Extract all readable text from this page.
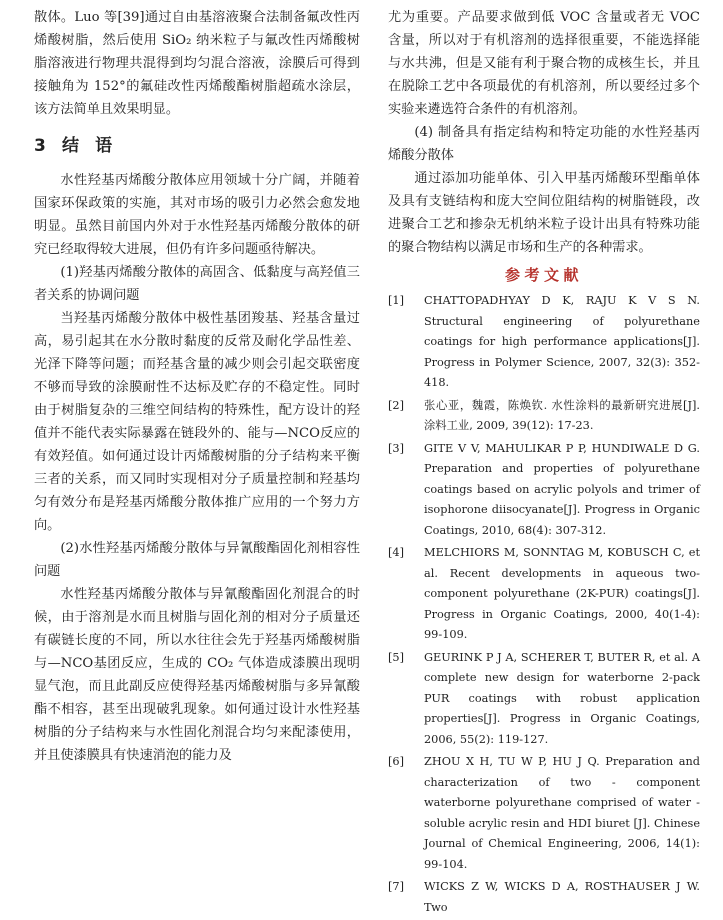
散体。Luo 等[39]通过自由基溶液聚合法制备氟改性丙烯酸树脂，然后使用 SiO₂ 纳米粒子与氟改性丙烯酸树脂溶液进行物理共混得到均匀混合溶液，涂膜后可得到接触角为 152°的氟硅改性丙烯酸酯树脂超疏水涂层，该方法简单且效果明显。

3 结 语

水性羟基丙烯酸分散体应用领域十分广阔，并随着国家环保政策的实施，其对市场的吸引力必然会愈发地明显。虽然目前国内外对于水性羟基丙烯酸分散体的研究已经取得较大进展，但仍有许多问题亟待解决。

(1)羟基丙烯酸分散体的高固含、低黏度与高羟值三者关系的协调问题

当羟基丙烯酸分散体中极性基团羧基、羟基含量过高，易引起其在水分散时黏度的反常及耐化学品性差、光泽下降等问题；而羟基含量的减少则会引起交联密度不够而导致的涂膜耐性不达标及贮存的不稳定性。同时由于树脂复杂的三维空间结构的特殊性，配方设计的羟值并不能代表实际暴露在链段外的、能与—NCO反应的有效羟值。如何通过设计丙烯酸树脂的分子结构来平衡三者的关系，而又同时实现相对分子质量控制和羟基均匀有效分布是羟基丙烯酸分散体推广应用的一个努力方向。

(2)水性羟基丙烯酸分散体与异氰酸酯固化剂相容性问题

水性羟基丙烯酸分散体与异氰酸酯固化剂混合的时候，由于溶剂是水而且树脂与固化剂的相对分子质量还有碳链长度的不同，所以水往往会先于羟基丙烯酸树脂与—NCO基团反应，生成的 CO₂ 气体造成漆膜出现明显气泡，而且此副反应使得羟基丙烯酸树脂与多异氰酸酯不相容，甚至出现破乳现象。如何通过设计水性羟基树脂的分子结构来与水性固化剂混合均匀来配漆使用，并且使漆膜具有快速消泡的能力及

尤为重要。产品要求做到低 VOC 含量或者无 VOC 含量，所以对于有机溶剂的选择很重要，不能选择能与水共沸，但是又能有利于聚合物的成核生长，并且在脱除工艺中各项最优的有机溶剂，所以要经过多个实验来遴选符合条件的有机溶剂。

(4) 制备具有指定结构和特定功能的水性羟基丙烯酸分散体

通过添加功能单体、引入甲基丙烯酸环型酯单体及具有支链结构和庞大空间位阻结构的树脂链段，改进聚合工艺和掺杂无机纳米粒子设计出具有特殊功能的聚合物结构以满足市场和生产的各种需求。

参考文献
[1] CHATTOPADHYAY D K, RAJU K V S N. Structural engineering of polyurethane coatings for high performance applications[J]. Progress in Polymer Science, 2007, 32(3): 352-418.
[2] 张心亚，魏霞，陈焕钦. 水性涂料的最新研究进展[J]. 涂料工业, 2009, 39(12): 17-23.
[3] GITE V V, MAHULIKAR P P, HUNDIWALE D G. Preparation and properties of polyurethane coatings based on acrylic polyols and trimer of isophorone diisocyanate[J]. Progress in Organic Coatings, 2010, 68(4): 307-312.
[4] MELCHIORS M, SONNTAG M, KOBUSCH C, et al. Recent developments in aqueous two-component polyurethane (2K-PUR) coatings[J]. Progress in Organic Coatings, 2000, 40(1-4): 99-109.
[5] GEURINK P J A, SCHERER T, BUTER R, et al. A complete new design for waterborne 2-pack PUR coatings with robust application properties[J]. Progress in Organic Coatings, 2006, 55(2): 119-127.
[6] ZHOU X H, TU W P, HU J Q. Preparation and characterization of two - component waterborne polyurethane comprised of water - soluble acrylic resin and HDI biuret [J]. Chinese Journal of Chemical Engineering, 2006, 14(1): 99-104.
[7] WICKS Z W, WICKS D A, ROSTHAUSER J W. Two
